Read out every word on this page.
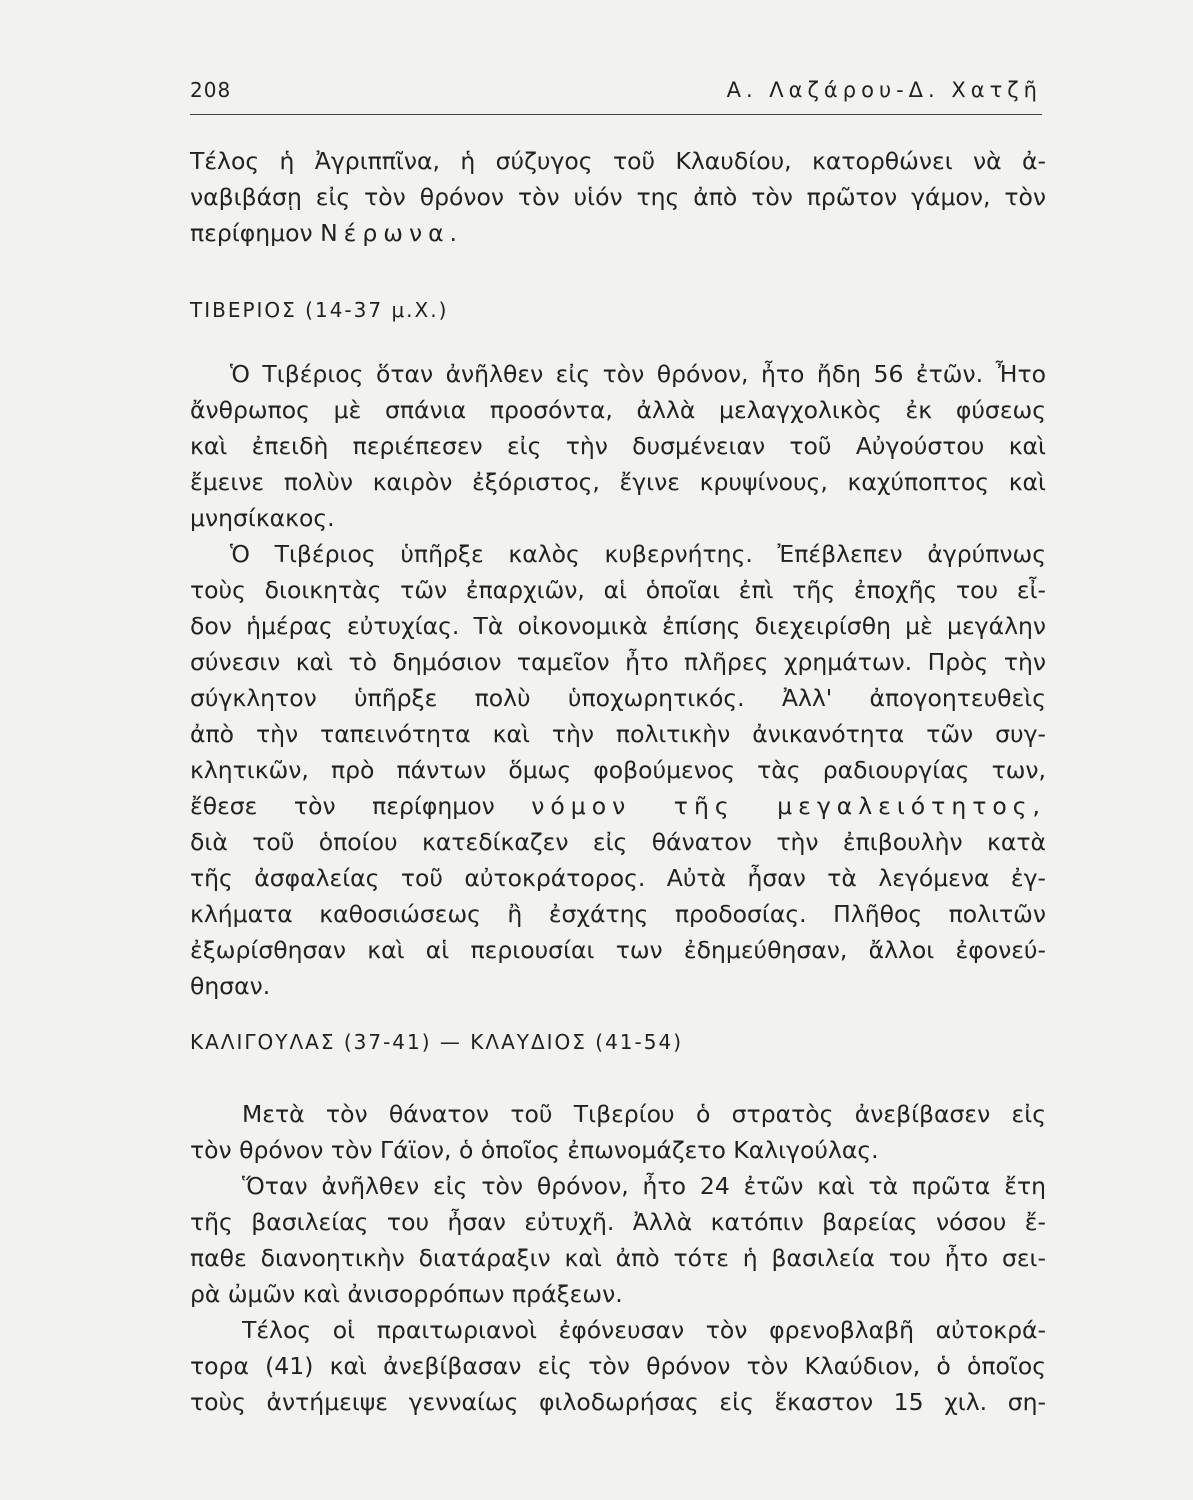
208	Α. Λαζάρου-Δ. Χατζῆ
Τέλος ἡ Ἀγριππῖνα, ἡ σύζυγος τοῦ Κλαυδίου, κατορθώνει νὰ ἀ-
ναβιβάσῃ εἰς τὸν θρόνον τὸν υἱόν της ἀπὸ τὸν πρῶτον γάμον, τὸν
περίφημον Νέρωνα.
ΤΙΒΕΡΙΟΣ (14-37 μ.Χ.)
Ὁ Τιβέριος ὅταν ἀνῆλθεν εἰς τὸν θρόνον, ἦτο ἤδη 56 ἐτῶν. Ἦτο
ἄνθρωπος μὲ σπάνια προσόντα, ἀλλὰ μελαγχολικὸς ἐκ φύσεως
καὶ ἐπειδὴ περιέπεσεν εἰς τὴν δυσμένειαν τοῦ Αὐγούστου καὶ
ἔμεινε πολὺν καιρὸν ἐξόριστος, ἔγινε κρυψίνους, καχύποπτος καὶ
μνησίκακος.
Ὁ Τιβέριος ὑπῆρξε καλὸς κυβερνήτης. Ἐπέβλεπεν ἀγρύπνως
τοὺς διοικητὰς τῶν ἐπαρχιῶν, αἱ ὁποῖαι ἐπὶ τῆς ἐποχῆς του εἶ-
δον ἡμέρας εὐτυχίας. Τὰ οἰκονομικὰ ἐπίσης διεχειρίσθη μὲ μεγάλην
σύνεσιν καὶ τὸ δημόσιον ταμεῖον ἦτο πλῆρες χρημάτων. Πρὸς τὴν
σύγκλητον ὑπῆρξε πολὺ ὑποχωρητικός. Ἀλλ' ἀπογοητευθεὶς
ἀπὸ τὴν ταπεινότητα καὶ τὴν πολιτικὴν ἀνικανότητα τῶν συγ-
κλητικῶν, πρὸ πάντων ὅμως φοβούμενος τὰς ραδιουργίας των,
ἔθεσε τὸν περίφημον νόμον τῆς μεγαλειότητος,
διὰ τοῦ ὁποίου κατεδίκαζεν εἰς θάνατον τὴν ἐπιβουλὴν κατὰ
τῆς ἀσφαλείας τοῦ αὐτοκράτορος. Αὐτὰ ἦσαν τὰ λεγόμενα ἐγ-
κλήματα καθοσιώσεως ἢ ἐσχάτης προδοσίας. Πλῆθος πολιτῶν
ἐξωρίσθησαν καὶ αἱ περιουσίαι των ἐδημεύθησαν, ἄλλοι ἐφονεύ-
θησαν.
ΚΑΛΙΓΟΥΛΑΣ (37-41) — ΚΛΑΥΔΙΟΣ (41-54)
Μετὰ τὸν θάνατον τοῦ Τιβερίου ὁ στρατὸς ἀνεβίβασεν εἰς
τὸν θρόνον τὸν Γάϊον, ὁ ὁποῖος ἐπωνομάζετο Καλιγούλας.
Ὅταν ἀνῆλθεν εἰς τὸν θρόνον, ἦτο 24 ἐτῶν καὶ τὰ πρῶτα ἔτη
τῆς βασιλείας του ἦσαν εὐτυχῆ. Ἀλλὰ κατόπιν βαρείας νόσου ἔ-
παθε διανοητικὴν διατάραξιν καὶ ἀπὸ τότε ἡ βασιλεία του ἦτο σει-
ρὰ ὠμῶν καὶ ἀνισορρόπων πράξεων.
Τέλος οἱ πραιτωριανοὶ ἐφόνευσαν τὸν φρενοβλαβῆ αὐτοκρά-
τορα (41) καὶ ἀνεβίβασαν εἰς τὸν θρόνον τὸν Κλαύδιον, ὁ ὁποῖος
τοὺς ἀντήμειψε γενναίως φιλοδωρήσας εἰς ἕκαστον 15 χιλ. ση-
